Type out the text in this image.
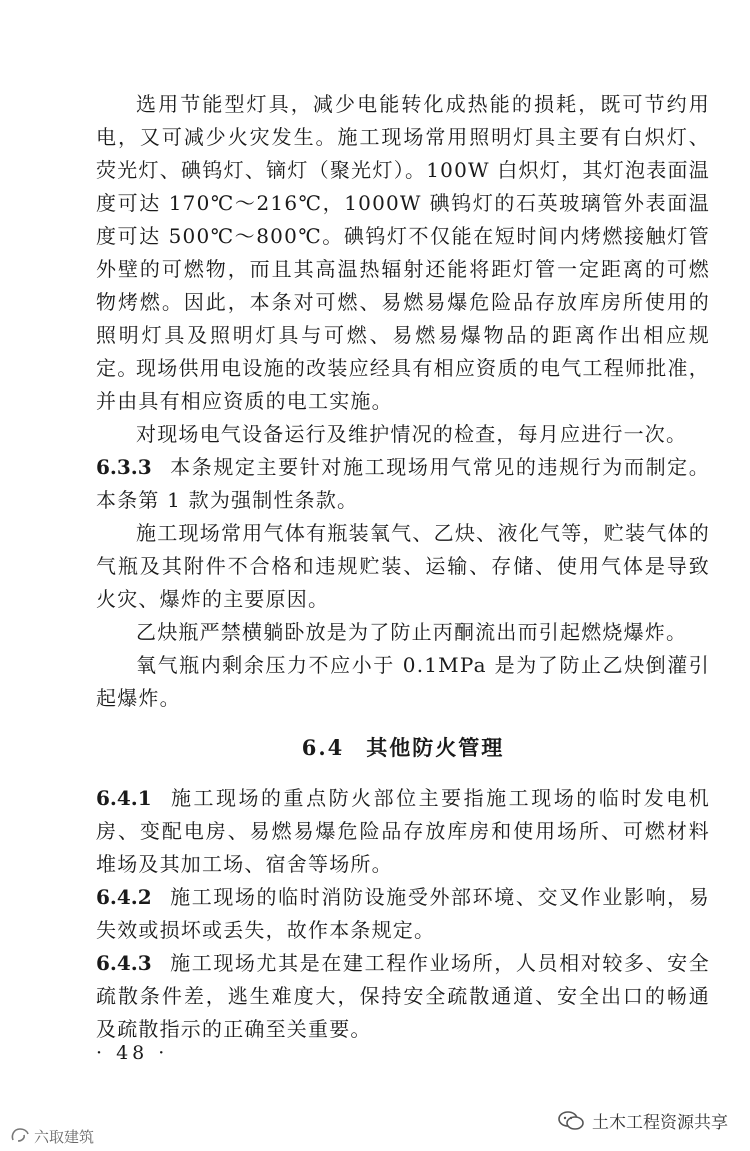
选用节能型灯具，减少电能转化成热能的损耗，既可节约用电，又可减少火灾发生。施工现场常用照明灯具主要有白炽灯、荧光灯、碘钨灯、镝灯（聚光灯）。100W 白炽灯，其灯泡表面温度可达 170℃～216℃，1000W 碘钨灯的石英玻璃管外表面温度可达 500℃～800℃。碘钨灯不仅能在短时间内烤燃接触灯管外壁的可燃物，而且其高温热辐射还能将距灯管一定距离的可燃物烤燃。因此，本条对可燃、易燃易爆危险品存放库房所使用的照明灯具及照明灯具与可燃、易燃易爆物品的距离作出相应规定。

现场供用电设施的改装应经具有相应资质的电气工程师批准，并由具有相应资质的电工实施。

对现场电气设备运行及维护情况的检查，每月应进行一次。

6.3.3 本条规定主要针对施工现场用气常见的违规行为而制定。本条第 1 款为强制性条款。

施工现场常用气体有瓶装氧气、乙炔、液化气等，贮装气体的气瓶及其附件不合格和违规贮装、运输、存储、使用气体是导致火灾、爆炸的主要原因。

乙炔瓶严禁横躺卧放是为了防止丙酮流出而引起燃烧爆炸。

氧气瓶内剩余压力不应小于 0.1MPa 是为了防止乙炔倒灌引起爆炸。

6.4 其他防火管理

6.4.1 施工现场的重点防火部位主要指施工现场的临时发电机房、变配电房、易燃易爆危险品存放库房和使用场所、可燃材料堆场及其加工场、宿舍等场所。

6.4.2 施工现场的临时消防设施受外部环境、交叉作业影响，易失效或损坏或丢失，故作本条规定。

6.4.3 施工现场尤其是在建工程作业场所，人员相对较多、安全疏散条件差，逃生难度大，保持安全疏散通道、安全出口的畅通及疏散指示的正确至关重要。

· 48 ·
土木工程资源共享
六取建筑
